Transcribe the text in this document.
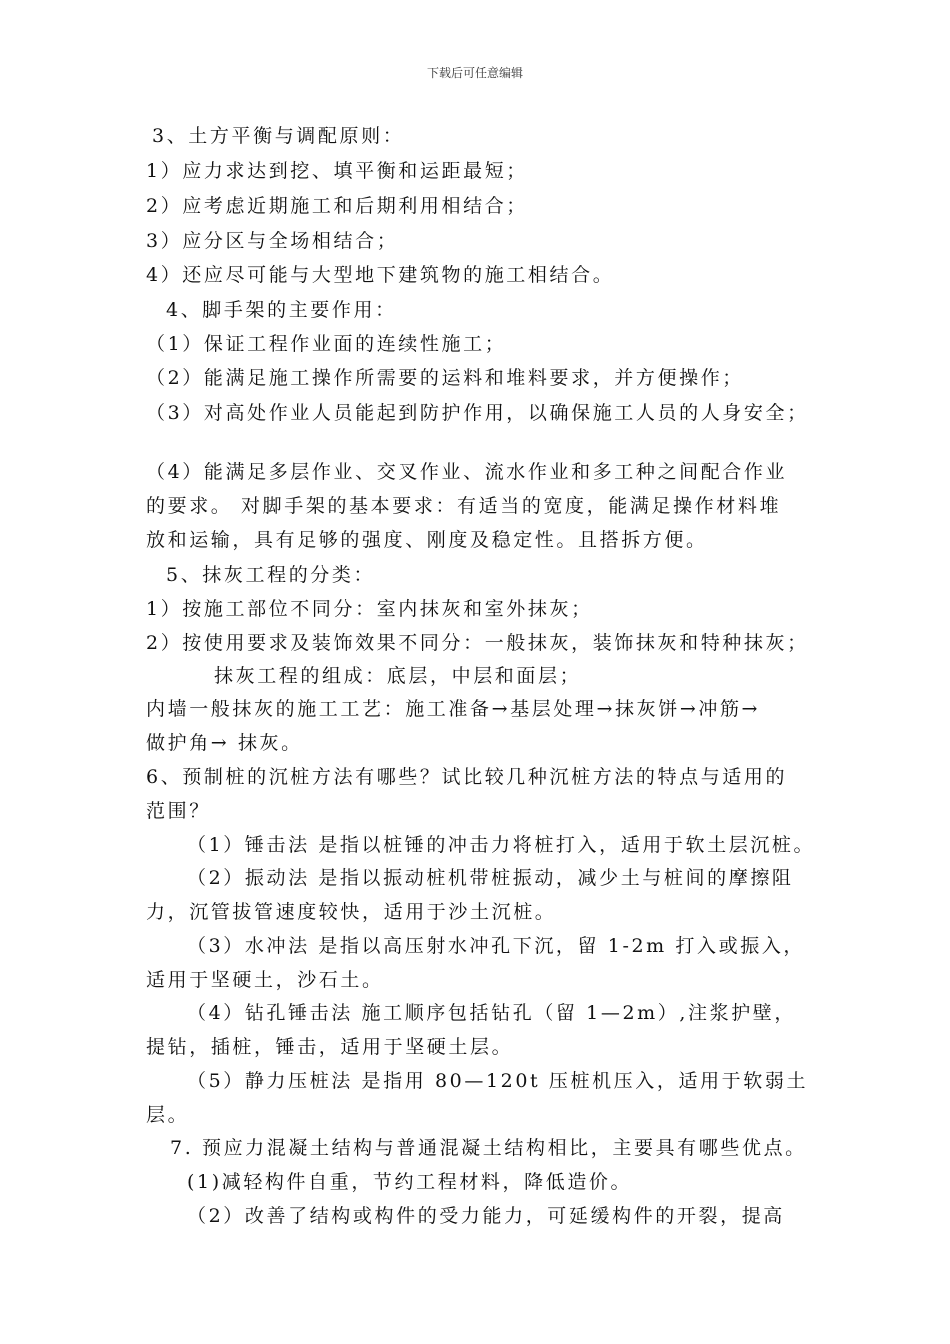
下载后可任意编辑
3、土方平衡与调配原则：
1）应力求达到挖、填平衡和运距最短；
2）应考虑近期施工和后期利用相结合；
3）应分区与全场相结合；
4）还应尽可能与大型地下建筑物的施工相结合。
4、脚手架的主要作用：
（1）保证工程作业面的连续性施工；
（2）能满足施工操作所需要的运料和堆料要求，并方便操作；
（3）对高处作业人员能起到防护作用，以确保施工人员的人身安全；
（4）能满足多层作业、交叉作业、流水作业和多工种之间配合作业
的要求。 对脚手架的基本要求：有适当的宽度，能满足操作材料堆
放和运输，具有足够的强度、刚度及稳定性。且搭拆方便。
5、抹灰工程的分类：
1）按施工部位不同分：室内抹灰和室外抹灰；
2）按使用要求及装饰效果不同分：一般抹灰，装饰抹灰和特种抹灰；
抹灰工程的组成：底层，中层和面层；
内墙一般抹灰的施工工艺：施工准备→基层处理→抹灰饼→冲筋→
做护角→ 抹灰。
6、预制桩的沉桩方法有哪些？试比较几种沉桩方法的特点与适用的
范围？
（1）锤击法 是指以桩锤的冲击力将桩打入，适用于软土层沉桩。
（2）振动法 是指以振动桩机带桩振动，减少土与桩间的摩擦阻
力，沉管拔管速度较快，适用于沙土沉桩。
（3）水冲法 是指以高压射水冲孔下沉，留 1-2m 打入或振入，
适用于坚硬土，沙石土。
（4）钻孔锤击法 施工顺序包括钻孔（留 1—2m）,注浆护壁，
提钻，插桩，锤击，适用于坚硬土层。
（5）静力压桩法 是指用 80—120t 压桩机压入，适用于软弱土
层。
7. 预应力混凝土结构与普通混凝土结构相比，主要具有哪些优点。
(1)减轻构件自重，节约工程材料，降低造价。
（2）改善了结构或构件的受力能力，可延缓构件的开裂，提高
